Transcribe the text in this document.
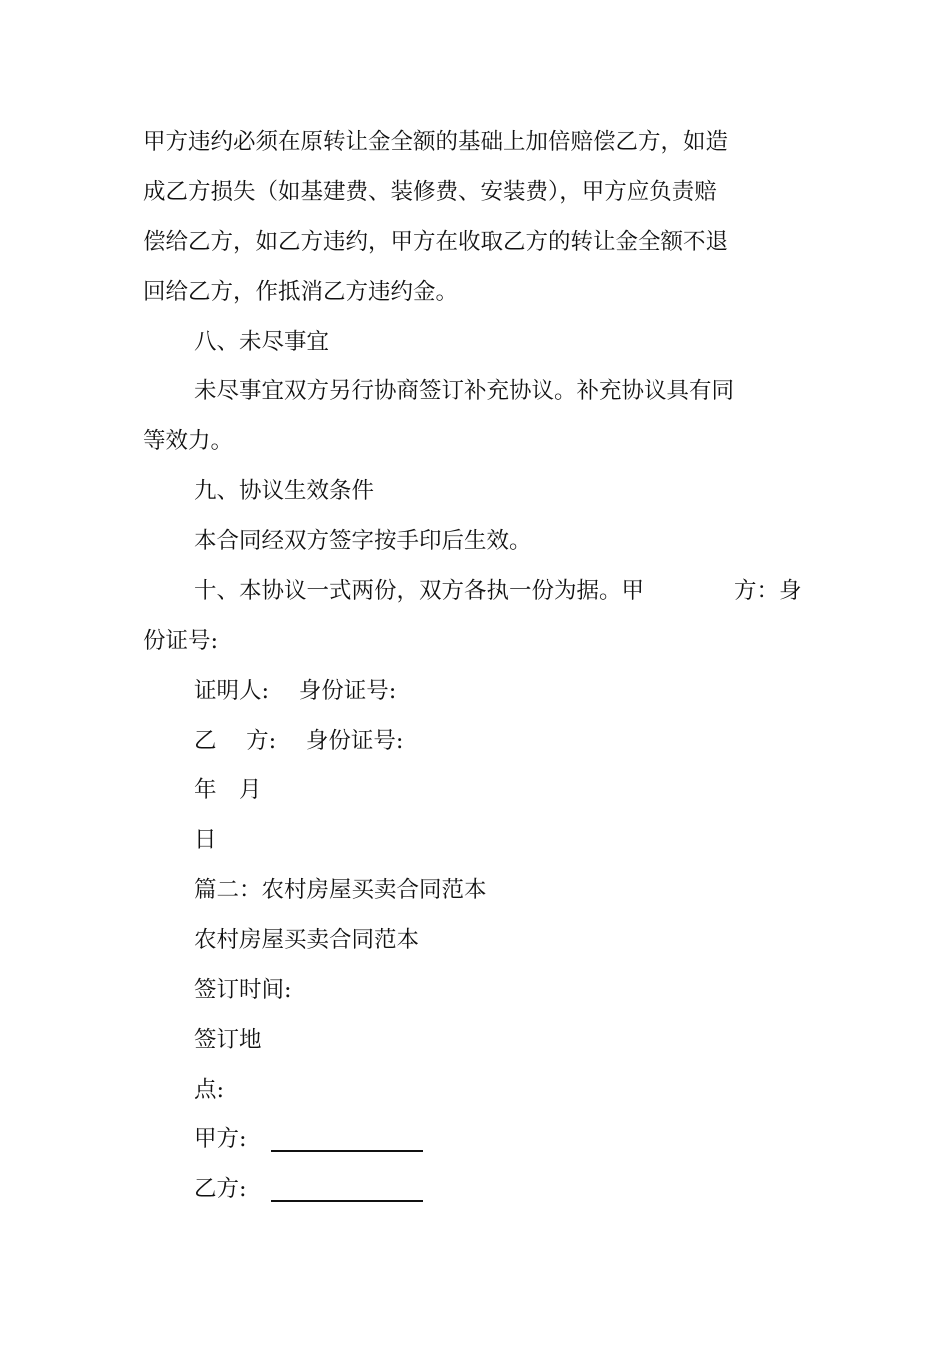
甲方违约必须在原转让金全额的基础上加倍赔偿乙方，如造

成乙方损失（如基建费、装修费、安装费），甲方应负责赔

偿给乙方，如乙方违约，甲方在收取乙方的转让金全额不退

回给乙方，作抵消乙方违约金。

八、未尽事宜

未尽事宜双方另行协商签订补充协议。补充协议具有同

等效力。

九、协议生效条件

本合同经双方签字按手印后生效。

十、本协议一式两份，双方各执一份为据。甲　　　　方：身

份证号:

证明人:　 身份证号:

乙　 方:　 身份证号:

年　月

日

篇二：农村房屋买卖合同范本

农村房屋买卖合同范本

签订时间:

签订地

点:

甲方:

乙方:
